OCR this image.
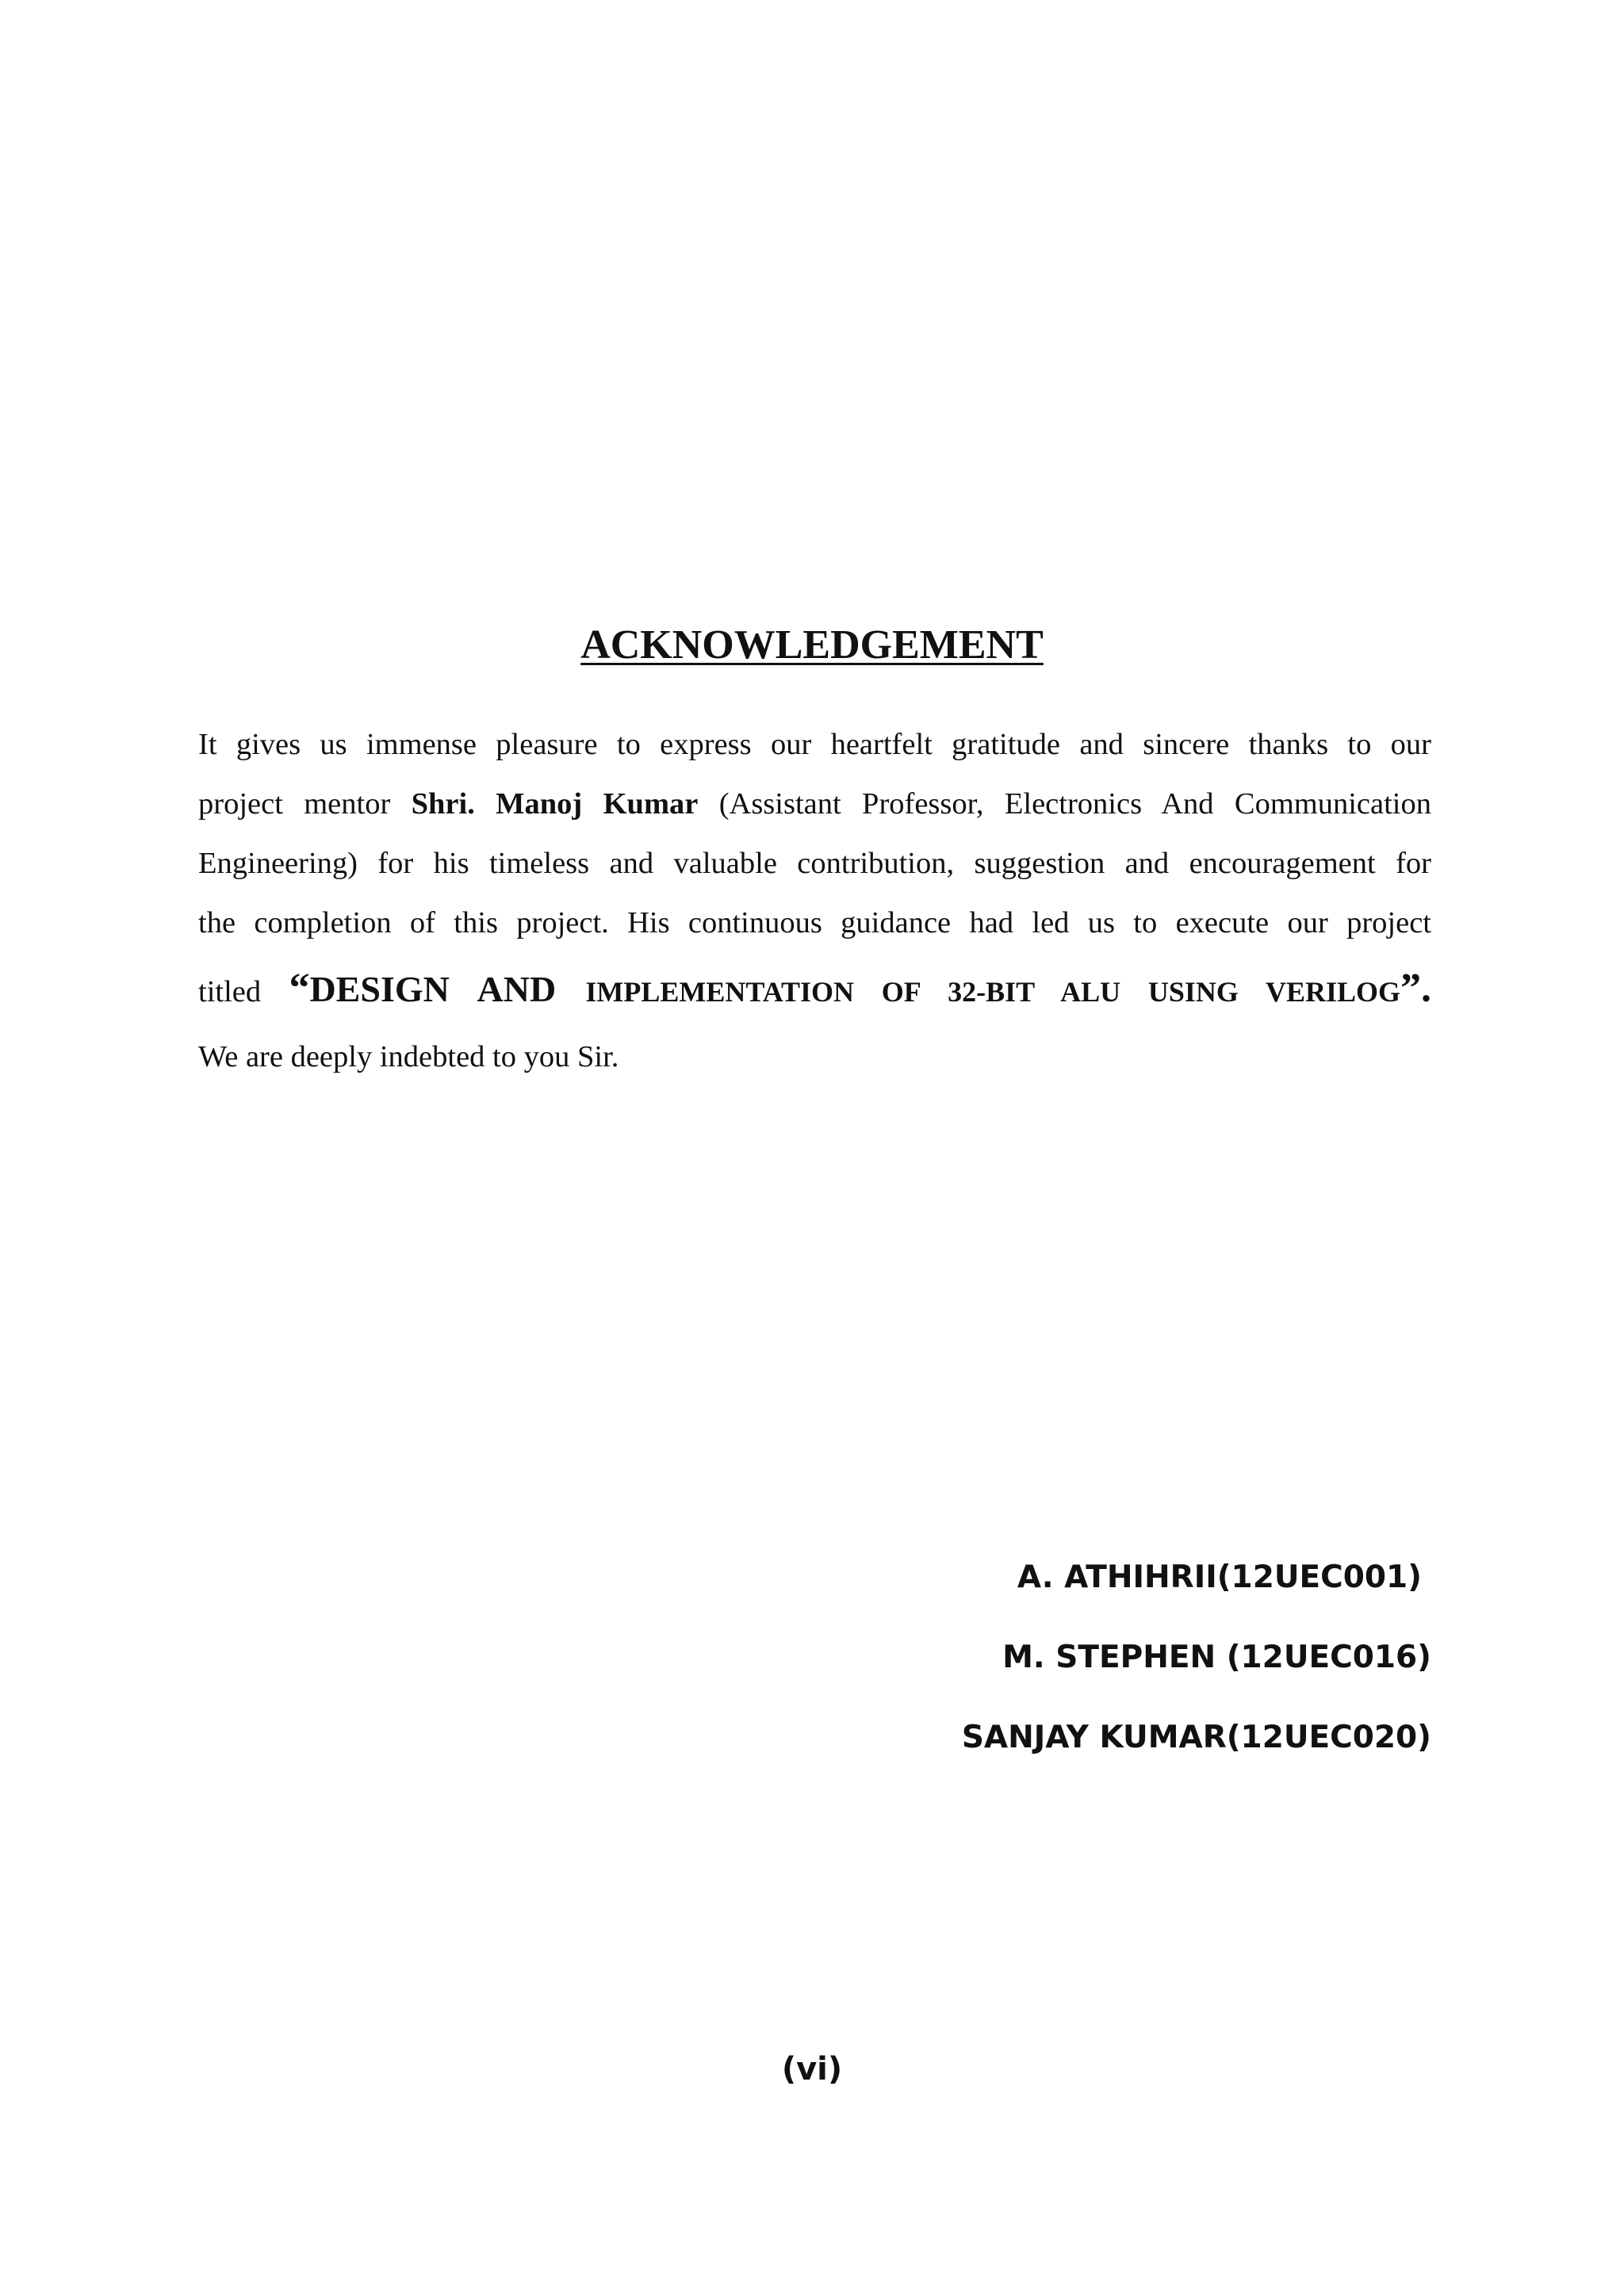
ACKNOWLEDGEMENT
It gives us immense pleasure to express our heartfelt gratitude and sincere thanks to our
project mentor Shri. Manoj Kumar (Assistant Professor, Electronics And Communication
Engineering) for his timeless and valuable contribution, suggestion and encouragement for
the completion of this project. His continuous guidance had led us to execute our project
titled “DESIGN AND IMPLEMENTATION OF 32-BIT ALU USING VERILOG”.
We are deeply indebted to you Sir.
A. ATHIHRII(12UEC001)
M. STEPHEN (12UEC016)
SANJAY KUMAR(12UEC020)
(vi)
